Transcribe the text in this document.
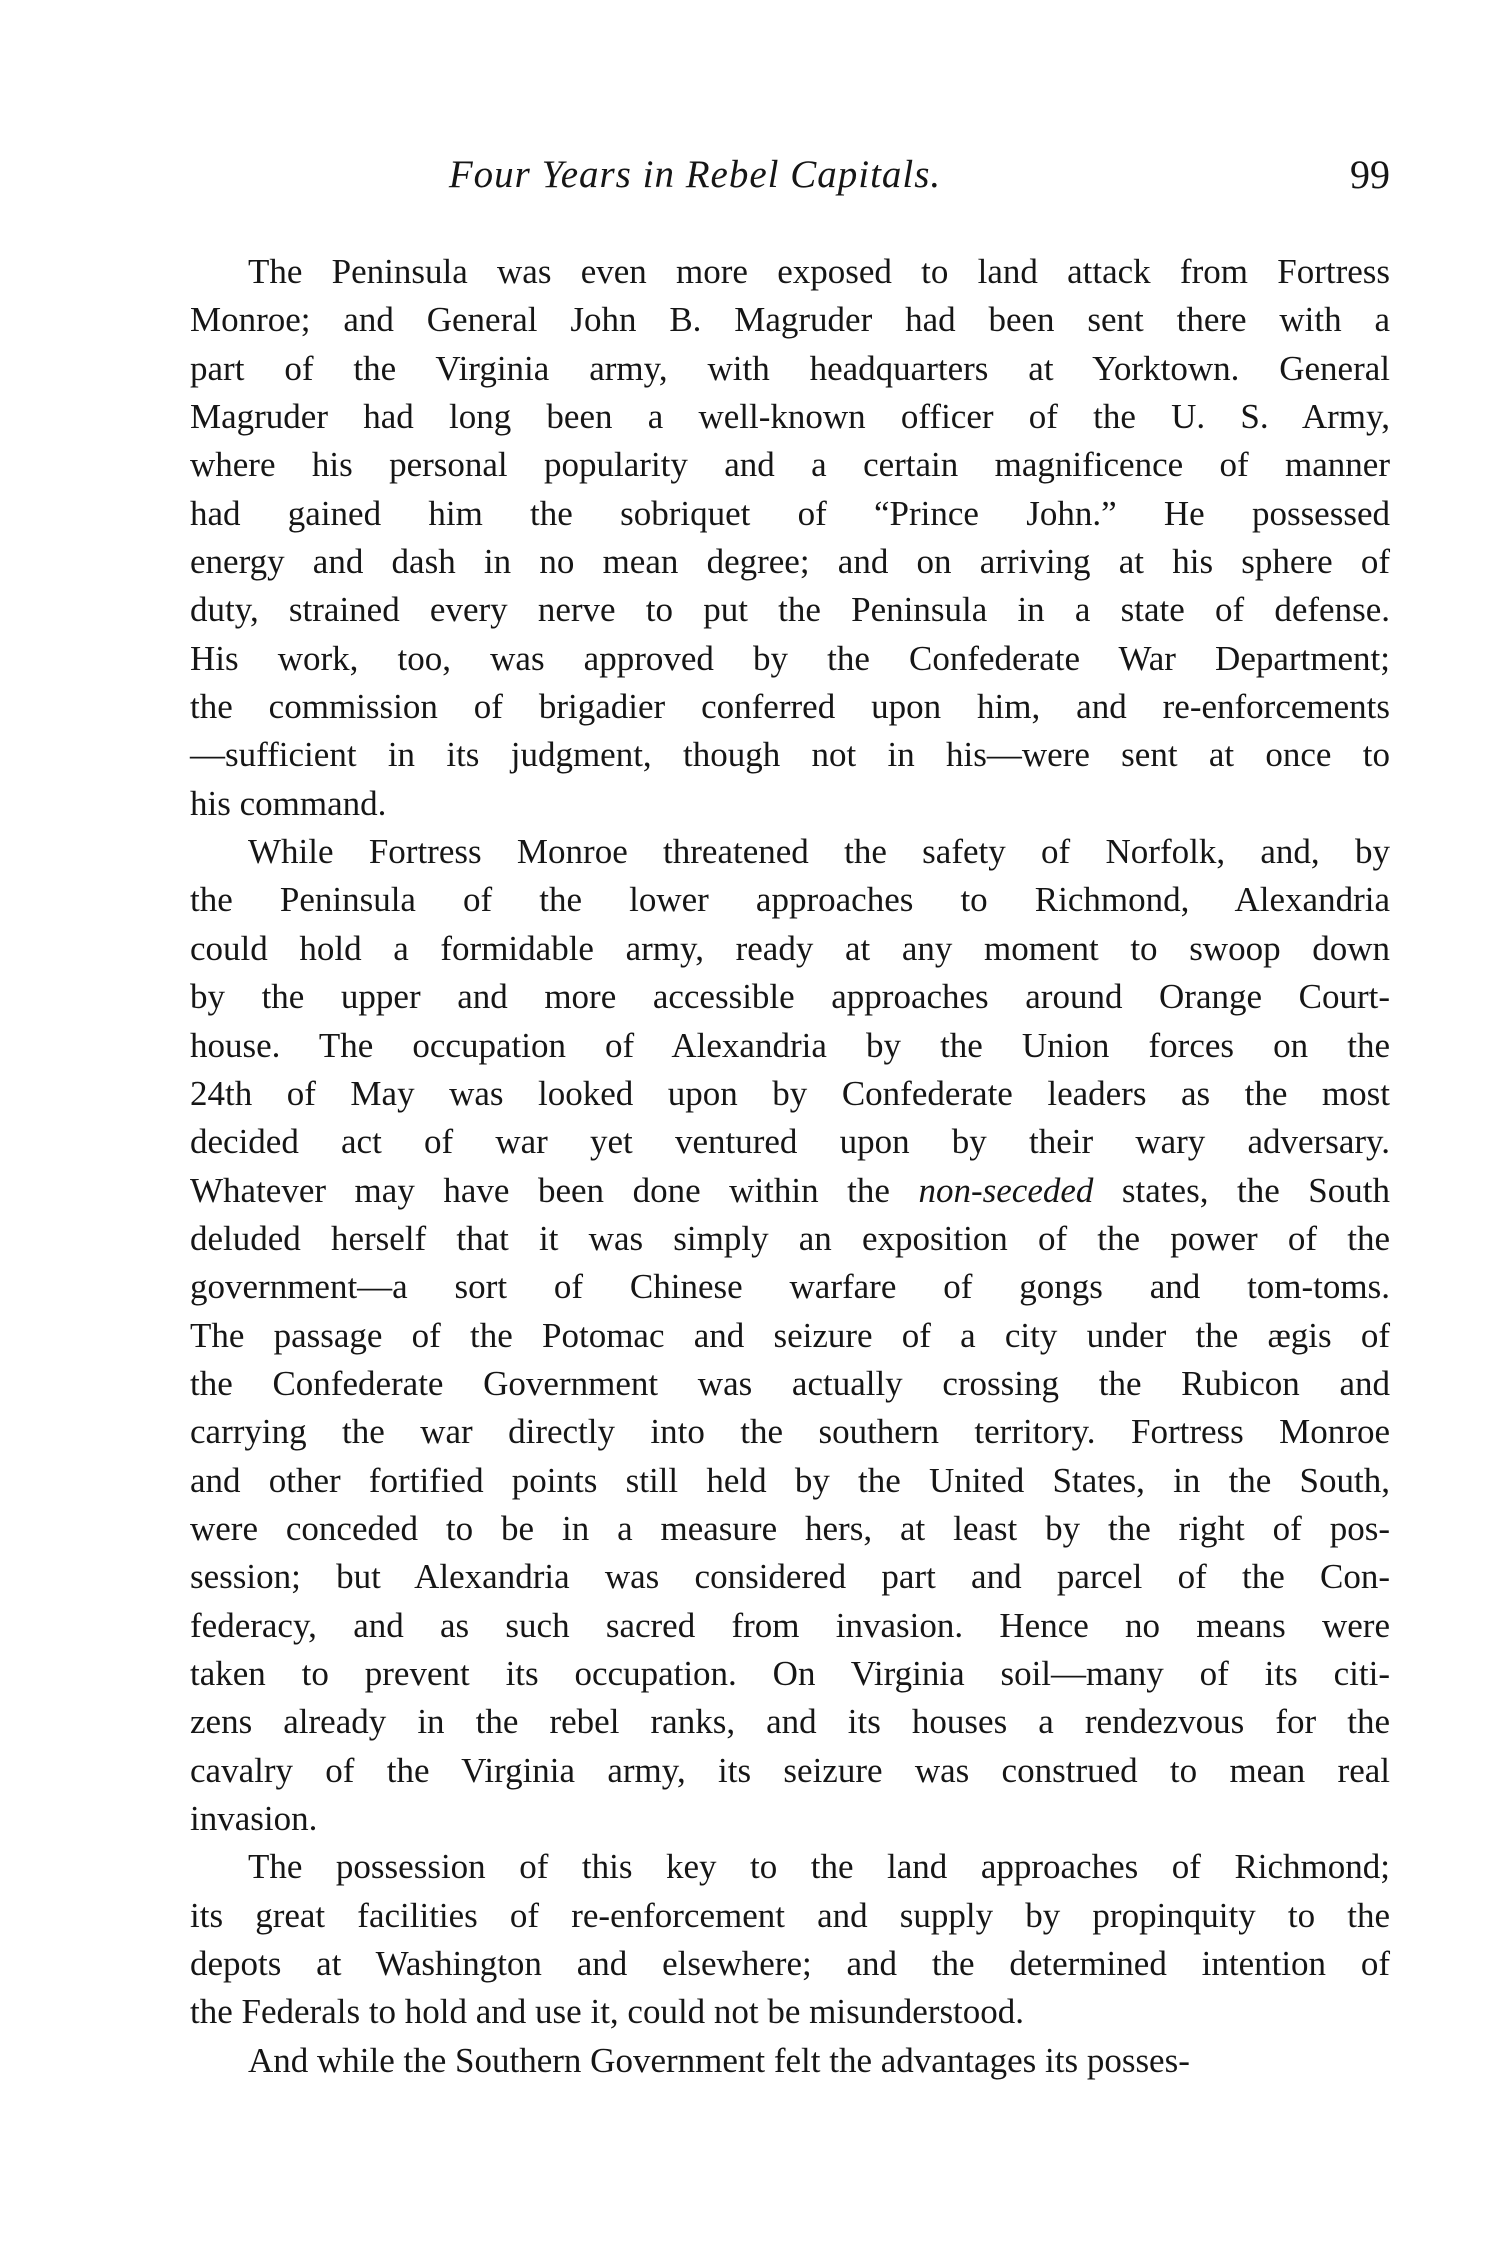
Four Years in Rebel Capitals.	99
The Peninsula was even more exposed to land attack from Fortress
Monroe; and General John B. Magruder had been sent there with a
part of the Virginia army, with headquarters at Yorktown. General
Magruder had long been a well-known officer of the U. S. Army,
where his personal popularity and a certain magnificence of manner
had gained him the sobriquet of “Prince John.” He possessed
energy and dash in no mean degree; and on arriving at his sphere of
duty, strained every nerve to put the Peninsula in a state of defense.
His work, too, was approved by the Confederate War Department;
the commission of brigadier conferred upon him, and re-enforcements
—sufficient in its judgment, though not in his—were sent at once to
his command.
While Fortress Monroe threatened the safety of Norfolk, and, by
the Peninsula of the lower approaches to Richmond, Alexandria
could hold a formidable army, ready at any moment to swoop down
by the upper and more accessible approaches around Orange Court-
house. The occupation of Alexandria by the Union forces on the
24th of May was looked upon by Confederate leaders as the most
decided act of war yet ventured upon by their wary adversary.
Whatever may have been done within the non-seceded states, the South
deluded herself that it was simply an exposition of the power of the
government—a sort of Chinese warfare of gongs and tom-toms.
The passage of the Potomac and seizure of a city under the ægis of
the Confederate Government was actually crossing the Rubicon and
carrying the war directly into the southern territory. Fortress Monroe
and other fortified points still held by the United States, in the South,
were conceded to be in a measure hers, at least by the right of pos-
session; but Alexandria was considered part and parcel of the Con-
federacy, and as such sacred from invasion. Hence no means were
taken to prevent its occupation. On Virginia soil—many of its citi-
zens already in the rebel ranks, and its houses a rendezvous for the
cavalry of the Virginia army, its seizure was construed to mean real
invasion.
The possession of this key to the land approaches of Richmond;
its great facilities of re-enforcement and supply by propinquity to the
depots at Washington and elsewhere; and the determined intention of
the Federals to hold and use it, could not be misunderstood.
And while the Southern Government felt the advantages its posses-
